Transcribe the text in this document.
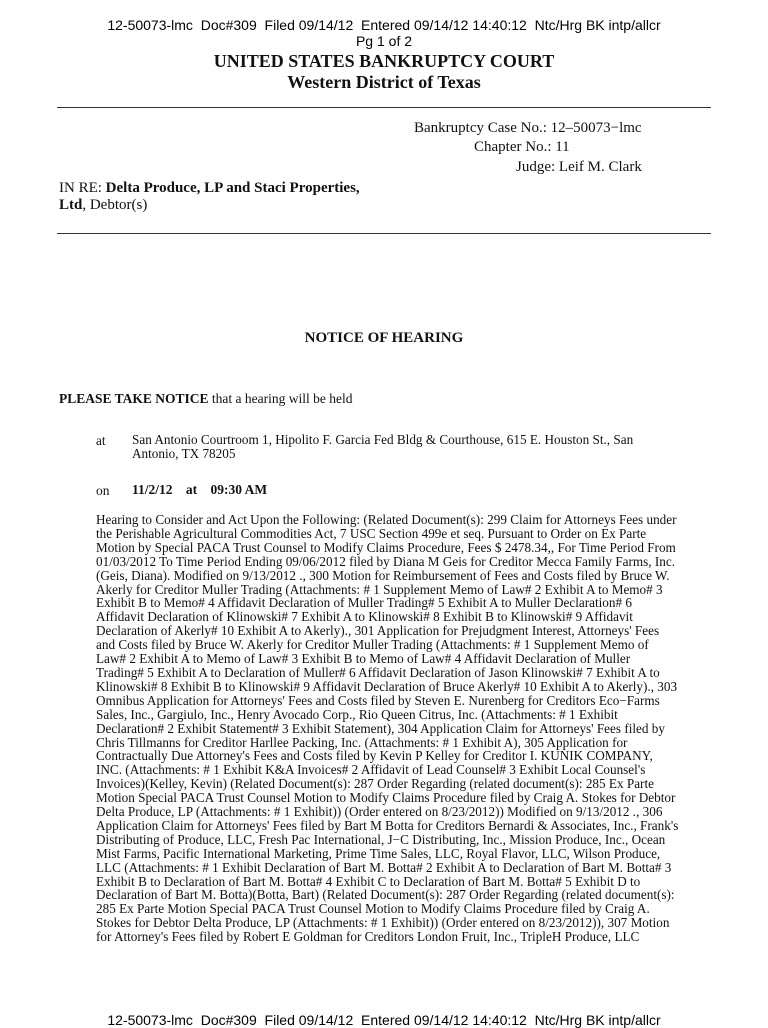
12-50073-lmc  Doc#309  Filed 09/14/12  Entered 09/14/12 14:40:12  Ntc/Hrg BK intp/allcr
Pg 1 of 2
UNITED STATES BANKRUPTCY COURT
Western District of Texas
Bankruptcy Case No.: 12–50073−lmc
Chapter No.: 11
Judge: Leif M. Clark
IN RE: Delta Produce, LP and Staci Properties,
Ltd, Debtor(s)
NOTICE OF HEARING
PLEASE TAKE NOTICE that a hearing will be held
at San Antonio Courtroom 1, Hipolito F. Garcia Fed Bldg & Courthouse, 615 E. Houston St., San
Antonio, TX 78205
on 11/2/12 at 09:30 AM
Hearing to Consider and Act Upon the Following: (Related Document(s): 299 Claim for Attorneys Fees under
the Perishable Agricultural Commodities Act, 7 USC Section 499e et seq. Pursuant to Order on Ex Parte
Motion by Special PACA Trust Counsel to Modify Claims Procedure, Fees $ 2478.34,, For Time Period From
01/03/2012 To Time Period Ending 09/06/2012 filed by Diana M Geis for Creditor Mecca Family Farms, Inc.
(Geis, Diana). Modified on 9/13/2012 ., 300 Motion for Reimbursement of Fees and Costs filed by Bruce W.
Akerly for Creditor Muller Trading (Attachments: # 1 Supplement Memo of Law# 2 Exhibit A to Memo# 3
Exhibit B to Memo# 4 Affidavit Declaration of Muller Trading# 5 Exhibit A to Muller Declaration# 6
Affidavit Declaration of Klinowski# 7 Exhibit A to Klinowski# 8 Exhibit B to Klinowski# 9 Affidavit
Declaration of Akerly# 10 Exhibit A to Akerly)., 301 Application for Prejudgment Interest, Attorneys' Fees
and Costs filed by Bruce W. Akerly for Creditor Muller Trading (Attachments: # 1 Supplement Memo of
Law# 2 Exhibit A to Memo of Law# 3 Exhibit B to Memo of Law# 4 Affidavit Declaration of Muller
Trading# 5 Exhibit A to Declaration of Muller# 6 Affidavit Declaration of Jason Klinowski# 7 Exhibit A to
Klinowski# 8 Exhibit B to Klinowski# 9 Affidavit Declaration of Bruce Akerly# 10 Exhibit A to Akerly)., 303
Omnibus Application for Attorneys' Fees and Costs filed by Steven E. Nurenberg for Creditors Eco−Farms
Sales, Inc., Gargiulo, Inc., Henry Avocado Corp., Rio Queen Citrus, Inc. (Attachments: # 1 Exhibit
Declaration# 2 Exhibit Statement# 3 Exhibit Statement), 304 Application Claim for Attorneys' Fees filed by
Chris Tillmanns for Creditor Harllee Packing, Inc. (Attachments: # 1 Exhibit A), 305 Application for
Contractually Due Attorney's Fees and Costs filed by Kevin P Kelley for Creditor I. KUNIK COMPANY,
INC. (Attachments: # 1 Exhibit K&A Invoices# 2 Affidavit of Lead Counsel# 3 Exhibit Local Counsel's
Invoices)(Kelley, Kevin) (Related Document(s): 287 Order Regarding (related document(s): 285 Ex Parte
Motion Special PACA Trust Counsel Motion to Modify Claims Procedure filed by Craig A. Stokes for Debtor
Delta Produce, LP (Attachments: # 1 Exhibit)) (Order entered on 8/23/2012)) Modified on 9/13/2012 ., 306
Application Claim for Attorneys' Fees filed by Bart M Botta for Creditors Bernardi & Associates, Inc., Frank's
Distributing of Produce, LLC, Fresh Pac International, J−C Distributing, Inc., Mission Produce, Inc., Ocean
Mist Farms, Pacific International Marketing, Prime Time Sales, LLC, Royal Flavor, LLC, Wilson Produce,
LLC (Attachments: # 1 Exhibit Declaration of Bart M. Botta# 2 Exhibit A to Declaration of Bart M. Botta# 3
Exhibit B to Declaration of Bart M. Botta# 4 Exhibit C to Declaration of Bart M. Botta# 5 Exhibit D to
Declaration of Bart M. Botta)(Botta, Bart) (Related Document(s): 287 Order Regarding (related document(s):
285 Ex Parte Motion Special PACA Trust Counsel Motion to Modify Claims Procedure filed by Craig A.
Stokes for Debtor Delta Produce, LP (Attachments: # 1 Exhibit)) (Order entered on 8/23/2012)), 307 Motion
for Attorney's Fees filed by Robert E Goldman for Creditors London Fruit, Inc., TripleH Produce, LLC
12-50073-lmc  Doc#309  Filed 09/14/12  Entered 09/14/12 14:40:12  Ntc/Hrg BK intp/allcr
